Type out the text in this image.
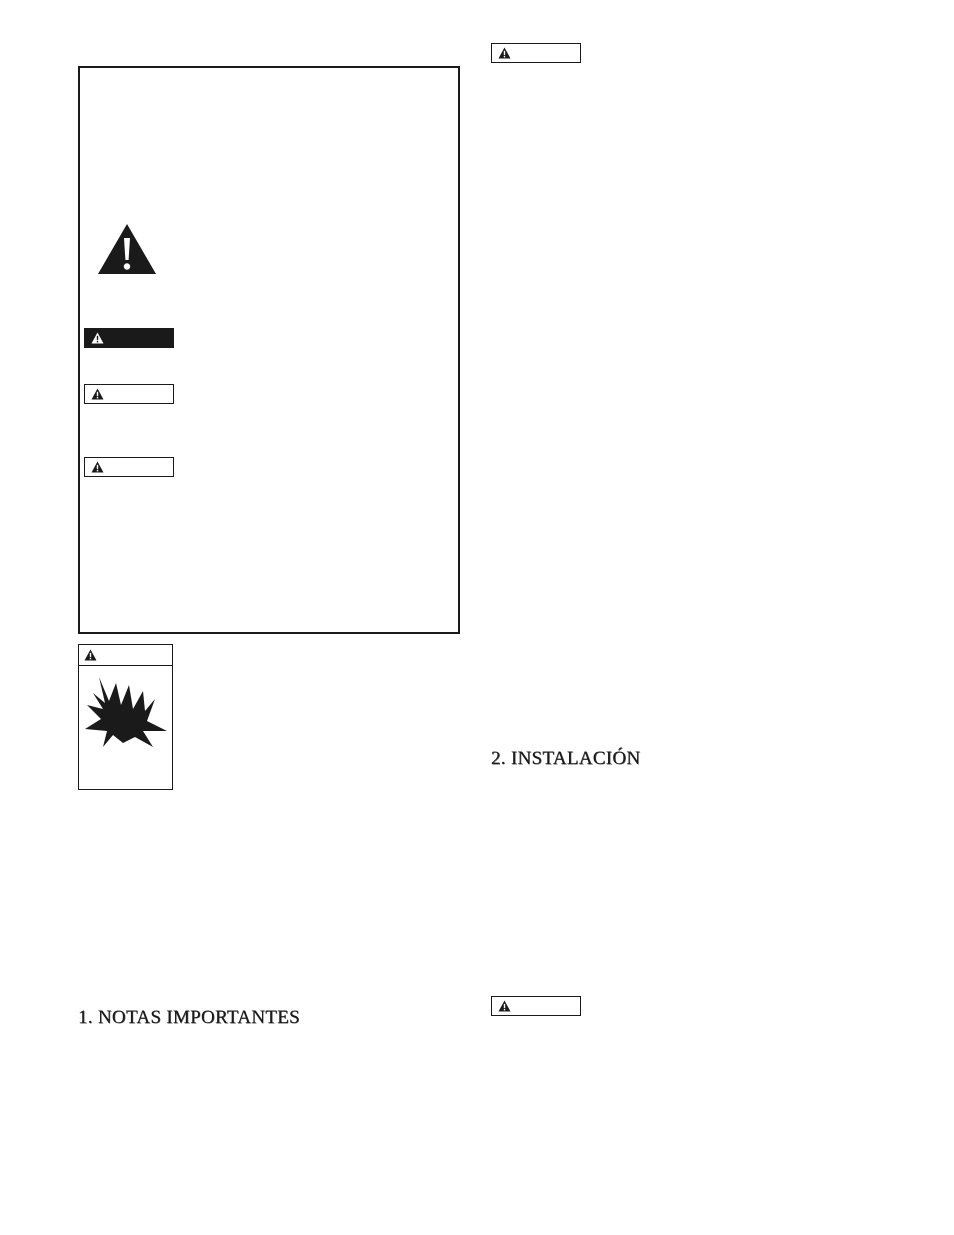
1. NOTAS IMPORTANTES
2. INSTALACIÓN
